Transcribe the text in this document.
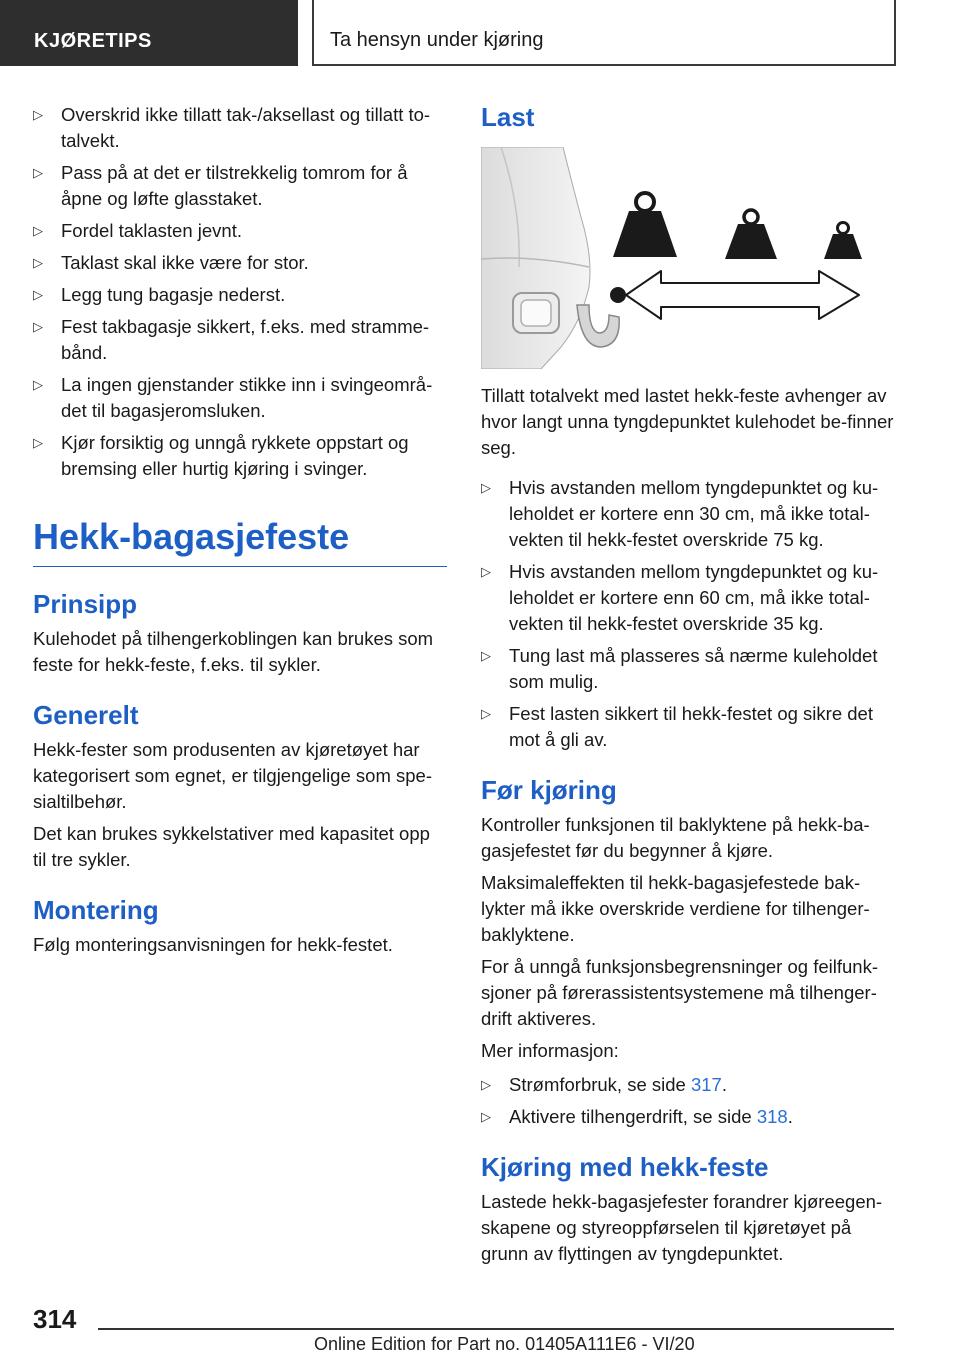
KJØRETIPS	Ta hensyn under kjøring
▷ Overskrid ikke tillatt tak-/aksellast og tillatt to-talvekt.
▷ Pass på at det er tilstrekkelig tomrom for å åpne og løfte glasstaket.
▷ Fordel taklasten jevnt.
▷ Taklast skal ikke være for stor.
▷ Legg tung bagasje nederst.
▷ Fest takbagasje sikkert, f.eks. med stramme-bånd.
▷ La ingen gjenstander stikke inn i svingeområ-det til bagasjeromsluken.
▷ Kjør forsiktig og unngå rykkete oppstart og bremsing eller hurtig kjøring i svinger.
Hekk-bagasjefeste
Prinsipp

Kulehodet på tilhengerkoblingen kan brukes som feste for hekk-feste, f.eks. til sykler.

Generelt

Hekk-fester som produsenten av kjøretøyet har kategorisert som egnet, er tilgjengelige som spe-sialtilbehør.

Det kan brukes sykkelstativer med kapasitet opp til tre sykler.

Montering

Følg monteringsanvisningen for hekk-festet.

Last

Tillatt totalvekt med lastet hekk-feste avhenger av hvor langt unna tyngdepunktet kulehodet be-finner seg.

▷ Hvis avstanden mellom tyngdepunktet og ku-leholdet er kortere enn 30 cm, må ikke total-vekten til hekk-festet overskride 75 kg.
▷ Hvis avstanden mellom tyngdepunktet og ku-leholdet er kortere enn 60 cm, må ikke total-vekten til hekk-festet overskride 35 kg.
▷ Tung last må plasseres så nærme kuleholdet som mulig.
▷ Fest lasten sikkert til hekk-festet og sikre det mot å gli av.
Før kjøring

Kontroller funksjonen til baklyktene på hekk-ba-gasjefestet før du begynner å kjøre.

Maksimaleffekten til hekk-bagasjefestede bak-lykter må ikke overskride verdiene for tilhenger-baklyktene.

For å unngå funksjonsbegrensninger og feilfunk-sjoner på førerassistentsystemene må tilhenger-drift aktiveres.

Mer informasjon:

▷ Strømforbruk, se side 317.
▷ Aktivere tilhengerdrift, se side 318.
Kjøring med hekk-feste

Lastede hekk-bagasjefester forandrer kjøreegen-skapene og styreoppførselen til kjøretøyet på grunn av flyttingen av tyngdepunktet.

314
Online Edition for Part no. 01405A111E6 - VI/20
